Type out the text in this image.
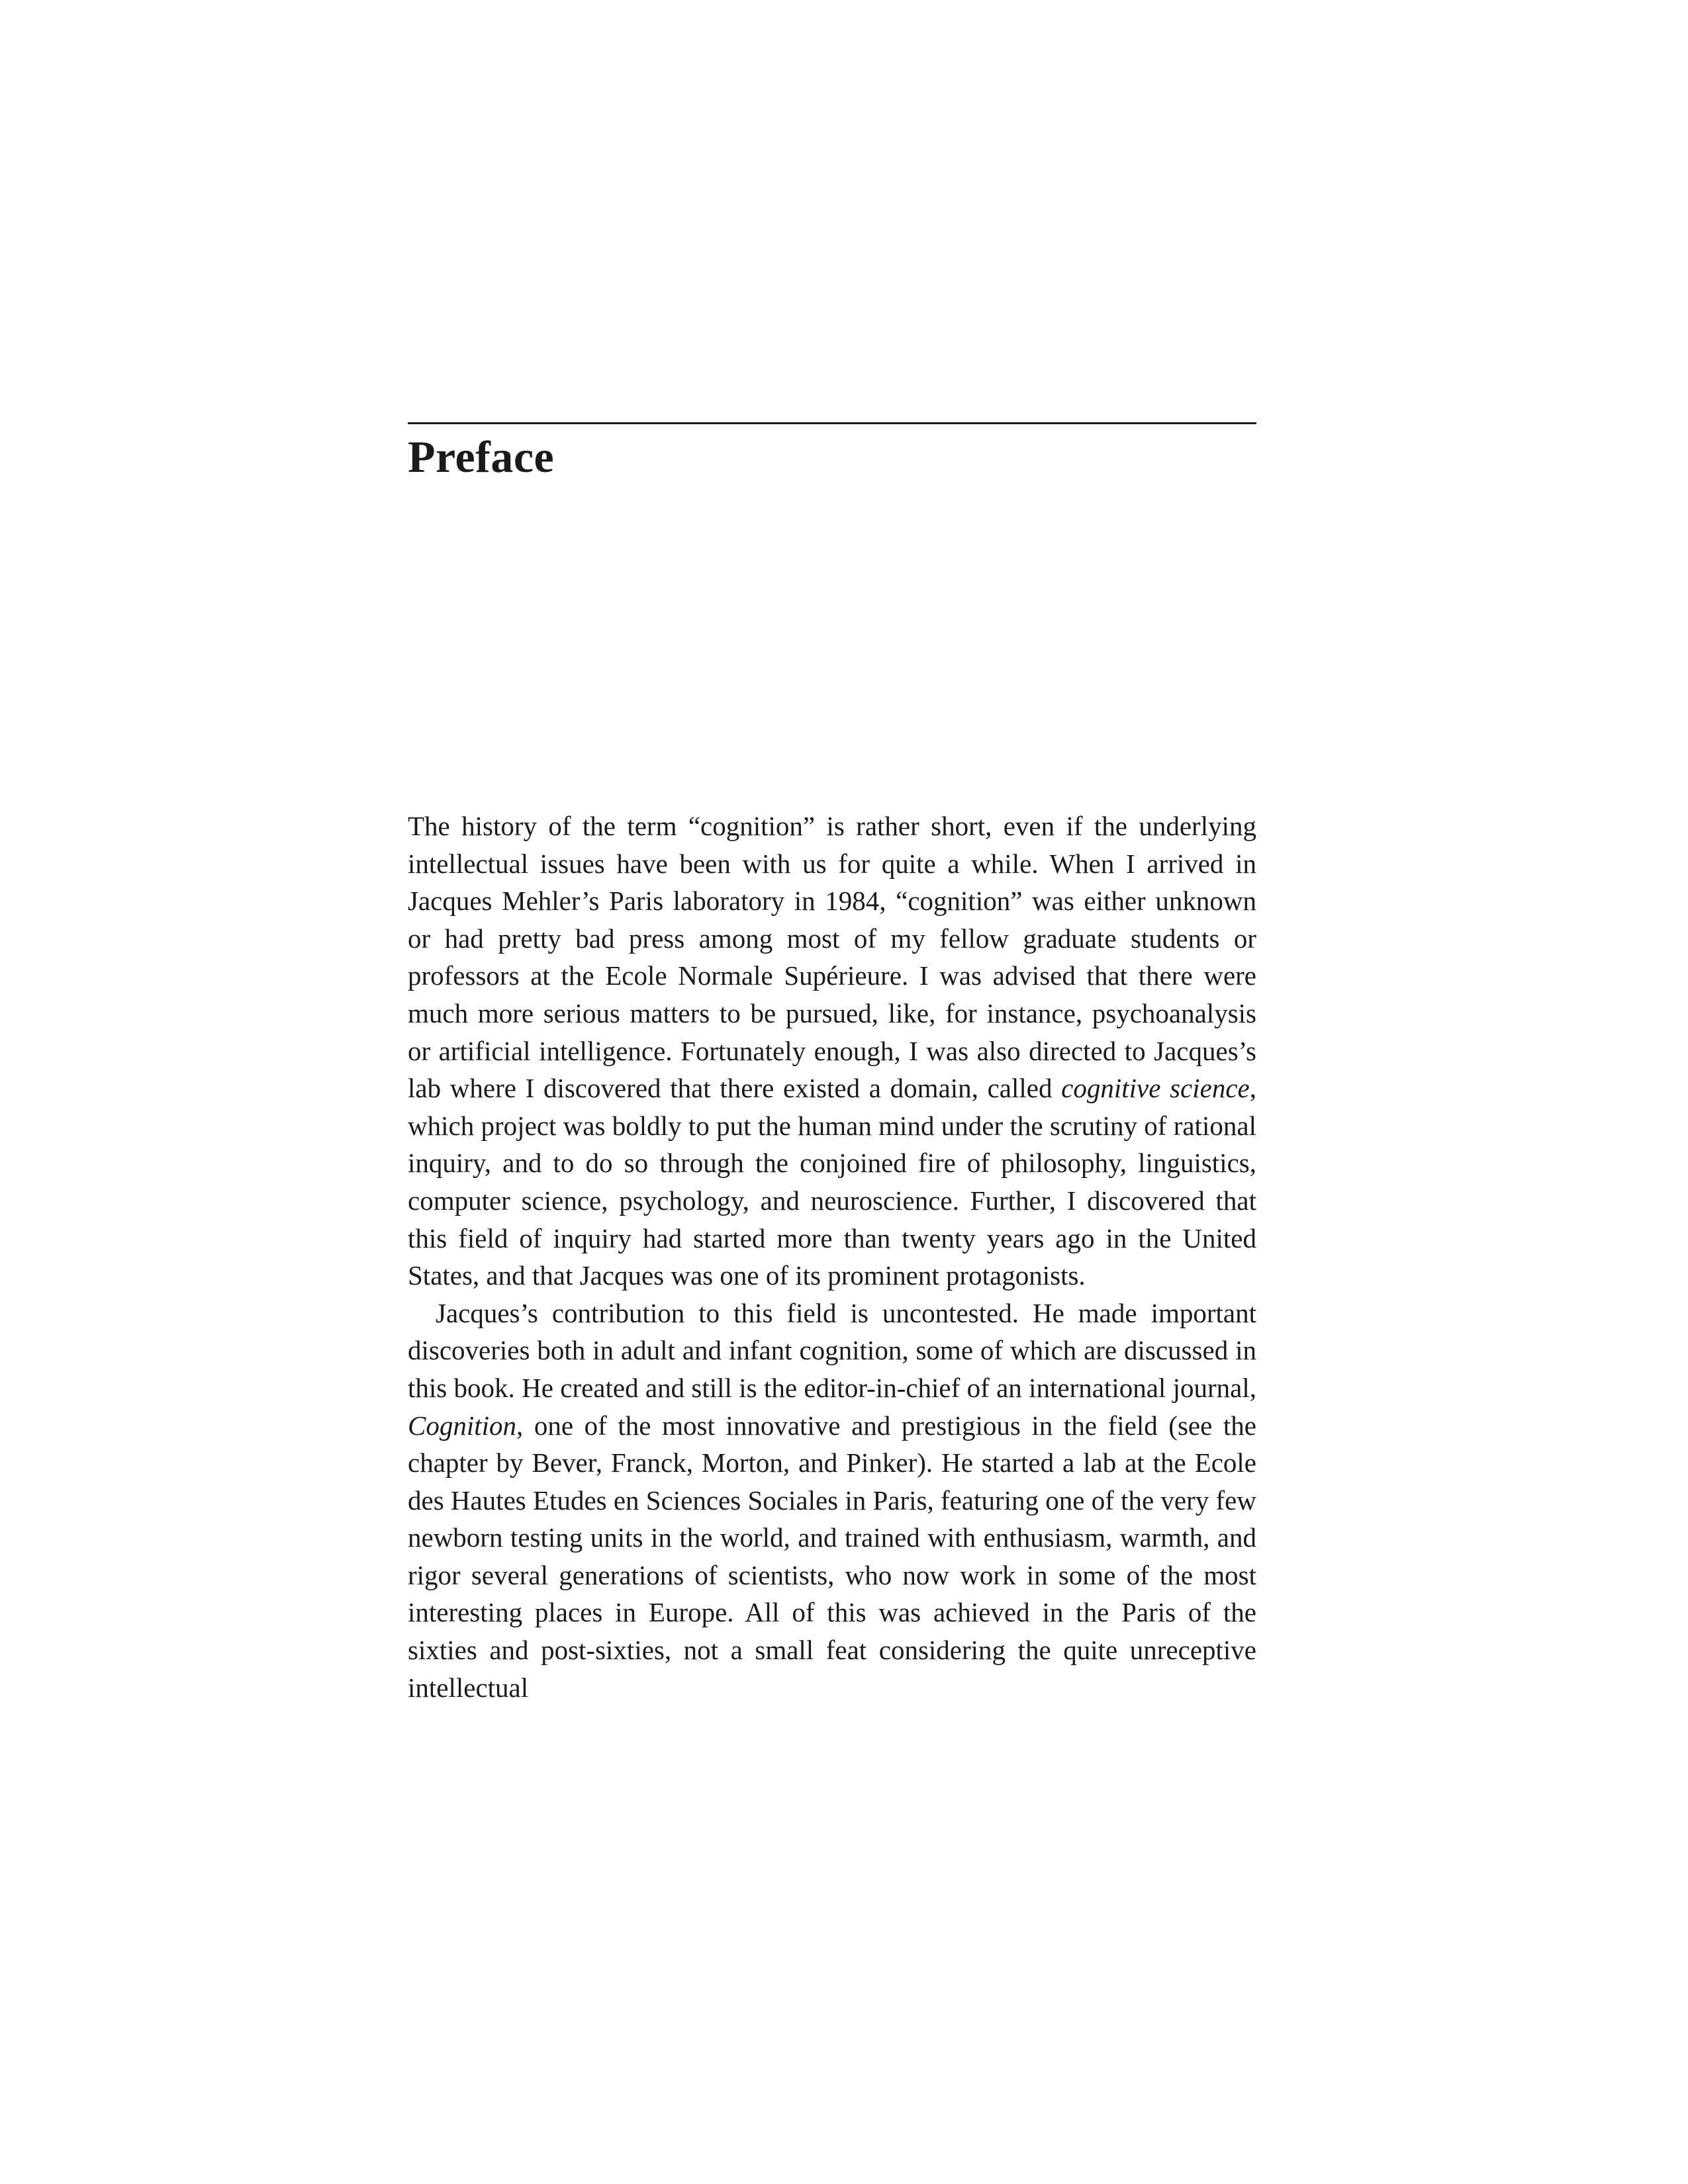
Preface

The history of the term “cognition” is rather short, even if the underlying intellectual issues have been with us for quite a while. When I arrived in Jacques Mehler’s Paris laboratory in 1984, “cognition” was either unknown or had pretty bad press among most of my fellow graduate students or professors at the Ecole Normale Supérieure. I was advised that there were much more serious matters to be pursued, like, for instance, psychoanalysis or artificial intelligence. Fortunately enough, I was also directed to Jacques’s lab where I discovered that there existed a domain, called cognitive science, which project was boldly to put the human mind under the scrutiny of rational inquiry, and to do so through the conjoined fire of philosophy, linguistics, computer science, psychology, and neuroscience. Further, I discovered that this field of inquiry had started more than twenty years ago in the United States, and that Jacques was one of its prominent protagonists.

Jacques’s contribution to this field is uncontested. He made important discoveries both in adult and infant cognition, some of which are discussed in this book. He created and still is the editor-in-chief of an international journal, Cognition, one of the most innovative and prestigious in the field (see the chapter by Bever, Franck, Morton, and Pinker). He started a lab at the Ecole des Hautes Etudes en Sciences Sociales in Paris, featuring one of the very few newborn testing units in the world, and trained with enthusiasm, warmth, and rigor several generations of scientists, who now work in some of the most interesting places in Europe. All of this was achieved in the Paris of the sixties and post-sixties, not a small feat considering the quite unreceptive intellectual
